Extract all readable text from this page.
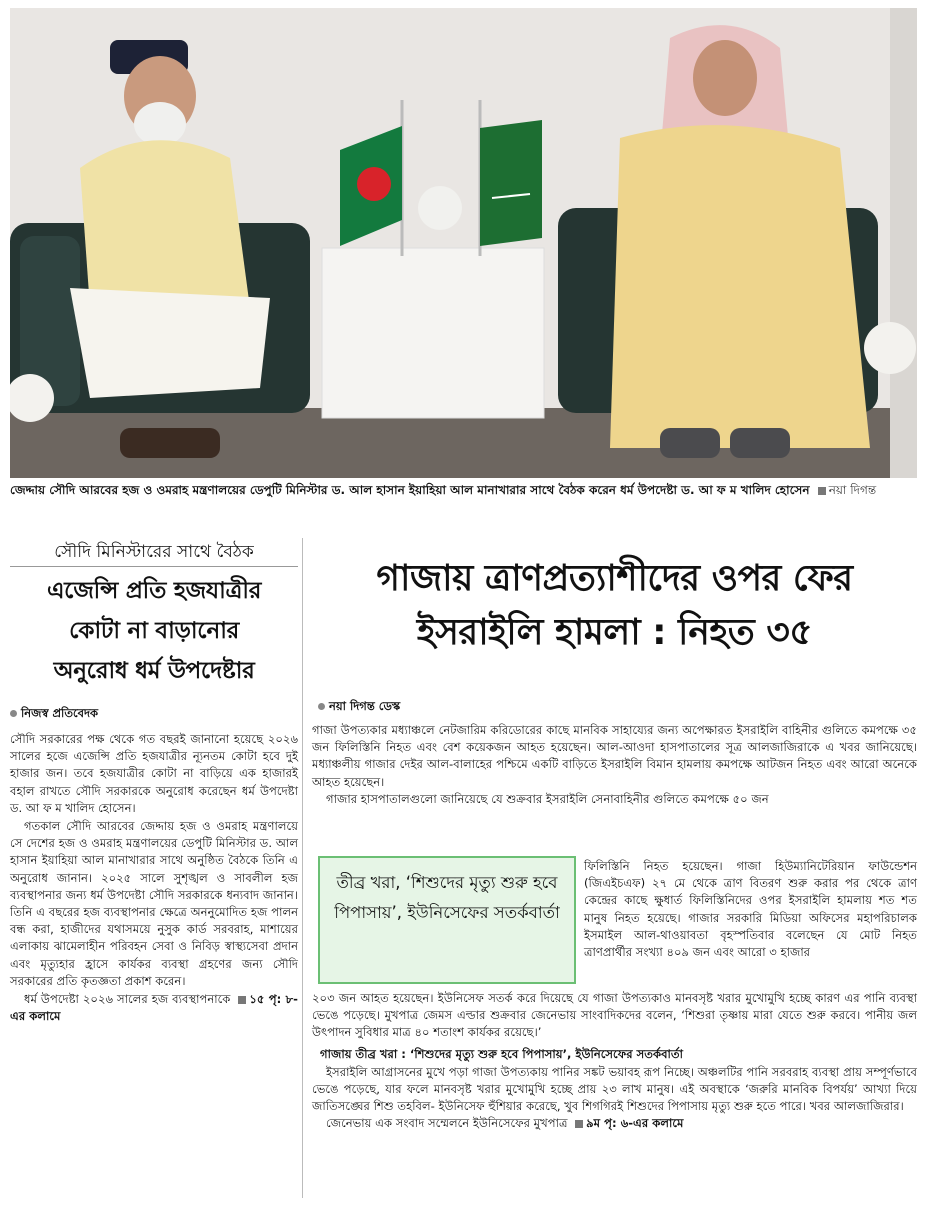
জেদ্দায় সৌদি আরবের হজ ও ওমরাহ মন্ত্রণালয়ের ডেপুটি মিনিস্টার ড. আল হাসান ইয়াহিয়া আল মানাখারার সাথে বৈঠক করেন ধর্ম উপদেষ্টা ড. আ ফ ম খালিদ হোসেন নয়া দিগন্ত
সৌদি মিনিস্টারের সাথে বৈঠক
এজেন্সি প্রতি হজযাত্রীর
কোটা না বাড়ানোর
অনুরোধ ধর্ম উপদেষ্টার
নিজস্ব প্রতিবেদক

সৌদি সরকারের পক্ষ থেকে গত বছরই জানানো হয়েছে ২০২৬ সালের হজে এজেন্সি প্রতি হজযাত্রীর ন্যূনতম কোটা হবে দুই হাজার জন। তবে হজযাত্রীর কোটা না বাড়িয়ে এক হাজারই বহাল রাখতে সৌদি সরকারকে অনুরোধ করেছেন ধর্ম উপদেষ্টা ড. আ ফ ম খালিদ হোসেন।

গতকাল সৌদি আরবের জেদ্দায় হজ ও ওমরাহ মন্ত্রণালয়ে সে দেশের হজ ও ওমরাহ মন্ত্রণালয়ের ডেপুটি মিনিস্টার ড. আল হাসান ইয়াহিয়া আল মানাখারার সাথে অনুষ্ঠিত বৈঠকে তিনি এ অনুরোধ জানান। ২০২৫ সালে সুশৃঙ্খল ও সাবলীল হজ ব্যবস্থাপনার জন্য ধর্ম উপদেষ্টা সৌদি সরকারকে ধন্যবাদ জানান। তিনি এ বছরের হজ ব্যবস্থাপনার ক্ষেত্রে অননুমোদিত হজ পালন বন্ধ করা, হাজীদের যথাসময়ে নুসুক কার্ড সরবরাহ, মাশায়ের এলাকায় ঝামেলাহীন পরিবহন সেবা ও নিবিড় স্বাস্থ্যসেবা প্রদান এবং মৃত্যুহার হ্রাসে কার্যকর ব্যবস্থা গ্রহণের জন্য সৌদি সরকারের প্রতি কৃতজ্ঞতা প্রকাশ করেন।

ধর্ম উপদেষ্টা ২০২৬ সালের হজ ব্যবস্থাপনাকে ১৫ পৃ: ৮-এর কলামে

গাজায় ত্রাণপ্রত্যাশীদের ওপর ফের
ইসরাইলি হামলা : নিহত ৩৫
নয়া দিগন্ত ডেস্ক

গাজা উপত্যকার মধ্যাঞ্চলে নেটজারিম করিডোরের কাছে মানবিক সাহায্যের জন্য অপেক্ষারত ইসরাইলি বাহিনীর গুলিতে কমপক্ষে ৩৫ জন ফিলিস্তিনি নিহত এবং বেশ কয়েকজন আহত হয়েছেন। আল-আওদা হাসপাতালের সূত্র আলজাজিরাকে এ খবর জানিয়েছে। মধ্যাঞ্চলীয় গাজার দেইর আল-বালাহের পশ্চিমে একটি বাড়িতে ইসরাইলি বিমান হামলায় কমপক্ষে আটজন নিহত এবং আরো অনেকে আহত হয়েছেন।

গাজার হাসপাতালগুলো জানিয়েছে যে শুক্রবার ইসরাইলি সেনাবাহিনীর গুলিতে কমপক্ষে ৫০ জন

তীব্র খরা, ‘শিশুদের মৃত্যু শুরু হবে পিপাসায়’, ইউনিসেফের সতর্কবার্তা
ফিলিস্তিনি নিহত হয়েছেন। গাজা হিউম্যানিটেরিয়ান ফাউন্ডেশন (জিএইচএফ) ২৭ মে থেকে ত্রাণ বিতরণ শুরু করার পর থেকে ত্রাণ কেন্দ্রের কাছে ক্ষুধার্ত ফিলিস্তিনিদের ওপর ইসরাইলি হামলায় শত শত মানুষ নিহত হয়েছে। গাজার সরকারি মিডিয়া অফিসের মহাপরিচালক ইসমাইল আল-থাওয়াবতা বৃহস্পতিবার বলেছেন যে মোট নিহত ত্রাণপ্রার্থীর সংখ্যা ৪০৯ জন এবং আরো ৩ হাজার
২০৩ জন আহত হয়েছেন। ইউনিসেফ সতর্ক করে দিয়েছে যে গাজা উপত্যকাও মানবসৃষ্ট খরার মুখোমুখি হচ্ছে কারণ এর পানি ব্যবস্থা ভেঙে পড়েছে। মুখপাত্র জেমস এল্ডার শুক্রবার জেনেভায় সাংবাদিকদের বলেন, ‘শিশুরা তৃষ্ণায় মারা যেতে শুরু করবে। পানীয় জল উৎপাদন সুবিধার মাত্র ৪০ শতাংশ কার্যকর রয়েছে।’
গাজায় তীব্র খরা : ‘শিশুদের মৃত্যু শুরু হবে পিপাসায়’, ইউনিসেফের সতর্কবার্তা

ইসরাইলি আগ্রাসনের মুখে পড়া গাজা উপত্যকায় পানির সঙ্কট ভয়াবহ রূপ নিচ্ছে। অঞ্চলটির পানি সরবরাহ ব্যবস্থা প্রায় সম্পূর্ণভাবে ভেঙে পড়েছে, যার ফলে মানবসৃষ্ট খরার মুখোমুখি হচ্ছে প্রায় ২৩ লাখ মানুষ। এই অবস্থাকে ‘জরুরি মানবিক বিপর্যয়’ আখ্যা দিয়ে জাতিসঙ্ঘের শিশু তহবিল- ইউনিসেফ হুঁশিয়ার করেছে, খুব শিগগিরই শিশুদের পিপাসায় মৃত্যু শুরু হতে পারে। খবর আলজাজিরার।

জেনেভায় এক সংবাদ সম্মেলনে ইউনিসেফের মুখপাত্র ৯ম পৃ: ৬-এর কলামে
